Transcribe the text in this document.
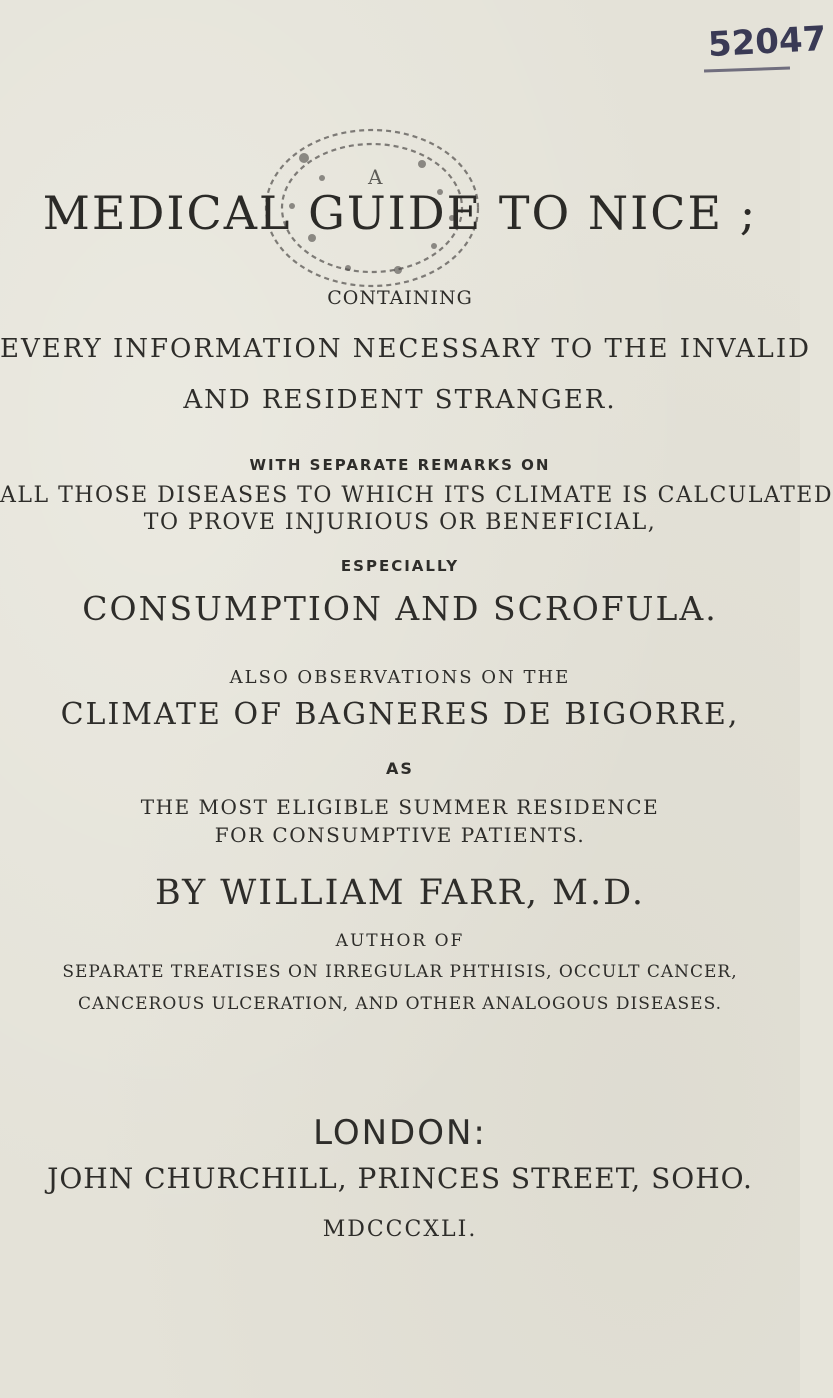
52047
A
MEDICAL GUIDE TO NICE ;
CONTAINING
EVERY INFORMATION NECESSARY TO THE INVALID
AND RESIDENT STRANGER.
WITH SEPARATE REMARKS ON
ALL THOSE DISEASES TO WHICH ITS CLIMATE IS CALCULATED
TO PROVE INJURIOUS OR BENEFICIAL,
ESPECIALLY
CONSUMPTION AND SCROFULA.
ALSO OBSERVATIONS ON THE
CLIMATE OF BAGNERES DE BIGORRE,
AS
THE MOST ELIGIBLE SUMMER RESIDENCE
FOR CONSUMPTIVE PATIENTS.
BY WILLIAM FARR, M.D.
AUTHOR OF
SEPARATE TREATISES ON IRREGULAR PHTHISIS, OCCULT CANCER,
CANCEROUS ULCERATION, AND OTHER ANALOGOUS DISEASES.
LONDON:
JOHN CHURCHILL, PRINCES STREET, SOHO.
MDCCCXLI.
